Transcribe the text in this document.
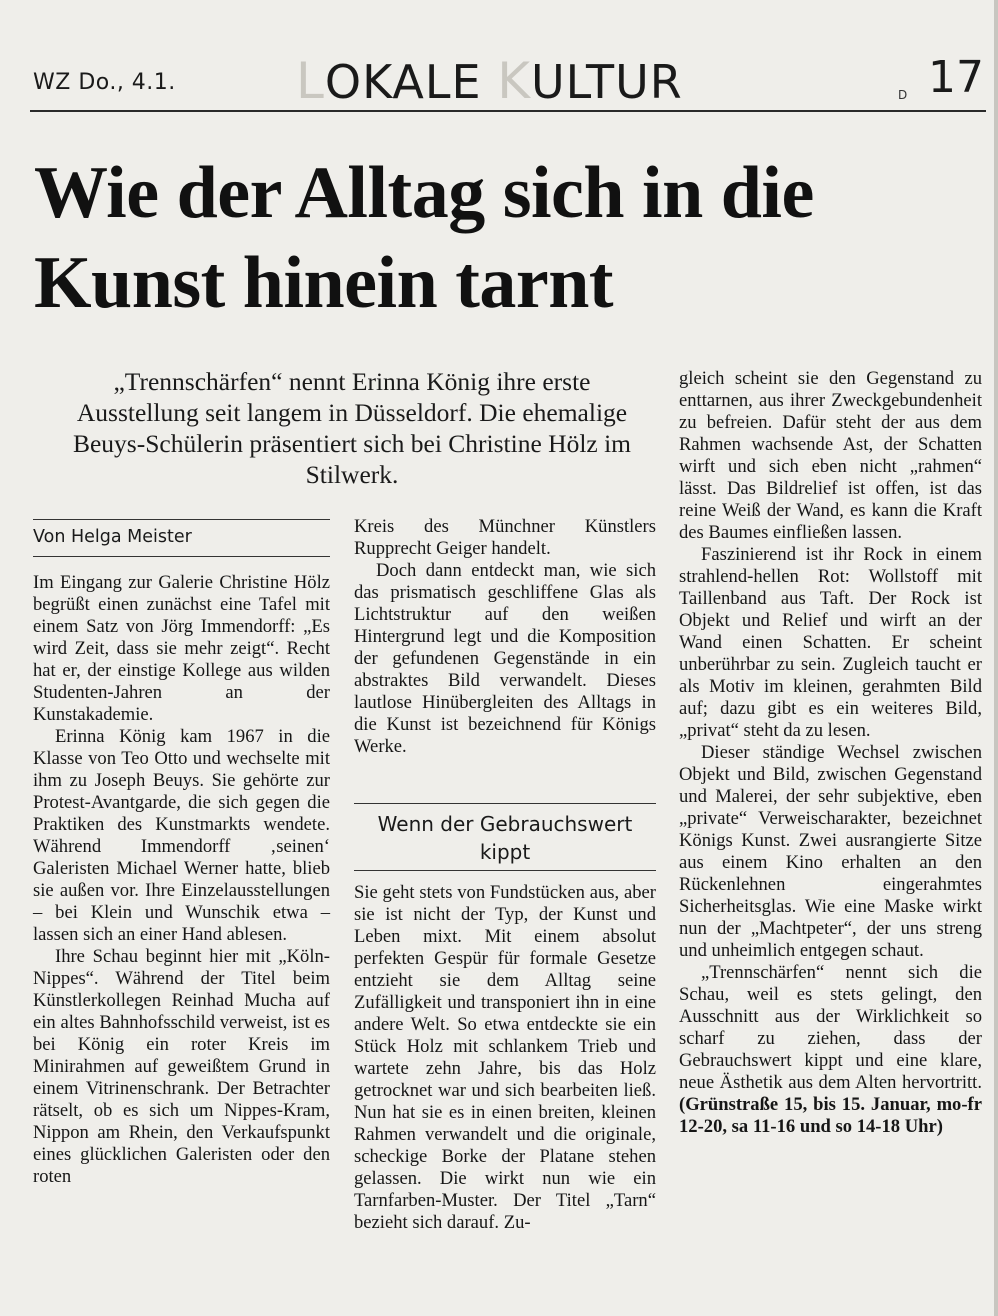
WZ Do., 4.1. LOKALE KULTUR	D 17
Wie der Alltag sich in die
Kunst hinein tarnt
„Trennschärfen“ nennt Erinna König ihre erste Ausstellung seit langem in Düsseldorf. Die ehemalige Beuys-Schülerin präsentiert sich bei Christine Hölz im Stilwerk.
Von Helga Meister

Im Eingang zur Galerie Christine Hölz begrüßt einen zunächst eine Tafel mit einem Satz von Jörg Immendorff: „Es wird Zeit, dass sie mehr zeigt“. Recht hat er, der einstige Kollege aus wilden Studenten-Jahren an der Kunstakademie.

Erinna König kam 1967 in die Klasse von Teo Otto und wechselte mit ihm zu Joseph Beuys. Sie gehörte zur Protest-Avantgarde, die sich gegen die Praktiken des Kunstmarkts wendete. Während Immendorff ‚seinen‘ Galeristen Michael Werner hatte, blieb sie außen vor. Ihre Einzelausstellungen – bei Klein und Wunschik etwa – lassen sich an einer Hand ablesen.

Ihre Schau beginnt hier mit „Köln-Nippes“. Während der Titel beim Künstlerkollegen Reinhad Mucha auf ein altes Bahnhofsschild verweist, ist es bei König ein roter Kreis im Minirahmen auf geweißtem Grund in einem Vitrinenschrank. Der Betrachter rätselt, ob es sich um Nippes-Kram, Nippon am Rhein, den Verkaufspunkt eines glücklichen Galeristen oder den roten

Kreis des Münchner Künstlers Rupprecht Geiger handelt.

Doch dann entdeckt man, wie sich das prismatisch geschliffene Glas als Lichtstruktur auf den weißen Hintergrund legt und die Komposition der gefundenen Gegenstände in ein abstraktes Bild verwandelt. Dieses lautlose Hinübergleiten des Alltags in die Kunst ist bezeichnend für Königs Werke.

Wenn der Gebrauchswert kippt

Sie geht stets von Fundstücken aus, aber sie ist nicht der Typ, der Kunst und Leben mixt. Mit einem absolut perfekten Gespür für formale Gesetze entzieht sie dem Alltag seine Zufälligkeit und transponiert ihn in eine andere Welt. So etwa entdeckte sie ein Stück Holz mit schlankem Trieb und wartete zehn Jahre, bis das Holz getrocknet war und sich bearbeiten ließ. Nun hat sie es in einen breiten, kleinen Rahmen verwandelt und die originale, scheckige Borke der Platane stehen gelassen. Die wirkt nun wie ein Tarnfarben-Muster. Der Titel „Tarn“ bezieht sich darauf. Zu-

gleich scheint sie den Gegenstand zu enttarnen, aus ihrer Zweckgebundenheit zu befreien. Dafür steht der aus dem Rahmen wachsende Ast, der Schatten wirft und sich eben nicht „rahmen“ lässt. Das Bildrelief ist offen, ist das reine Weiß der Wand, es kann die Kraft des Baumes einfließen lassen.

Faszinierend ist ihr Rock in einem strahlend-hellen Rot: Wollstoff mit Taillenband aus Taft. Der Rock ist Objekt und Relief und wirft an der Wand einen Schatten. Er scheint unberührbar zu sein. Zugleich taucht er als Motiv im kleinen, gerahmten Bild auf; dazu gibt es ein weiteres Bild, „privat“ steht da zu lesen.

Dieser ständige Wechsel zwischen Objekt und Bild, zwischen Gegenstand und Malerei, der sehr subjektive, eben „private“ Verweischarakter, bezeichnet Königs Kunst. Zwei ausrangierte Sitze aus einem Kino erhalten an den Rückenlehnen eingerahmtes Sicherheitsglas. Wie eine Maske wirkt nun der „Machtpeter“, der uns streng und unheimlich entgegen schaut.

„Trennschärfen“ nennt sich die Schau, weil es stets gelingt, den Ausschnitt aus der Wirklichkeit so scharf zu ziehen, dass der Gebrauchswert kippt und eine klare, neue Ästhetik aus dem Alten hervortritt. (Grünstraße 15, bis 15. Januar, mo-fr 12-20, sa 11-16 und so 14-18 Uhr)
